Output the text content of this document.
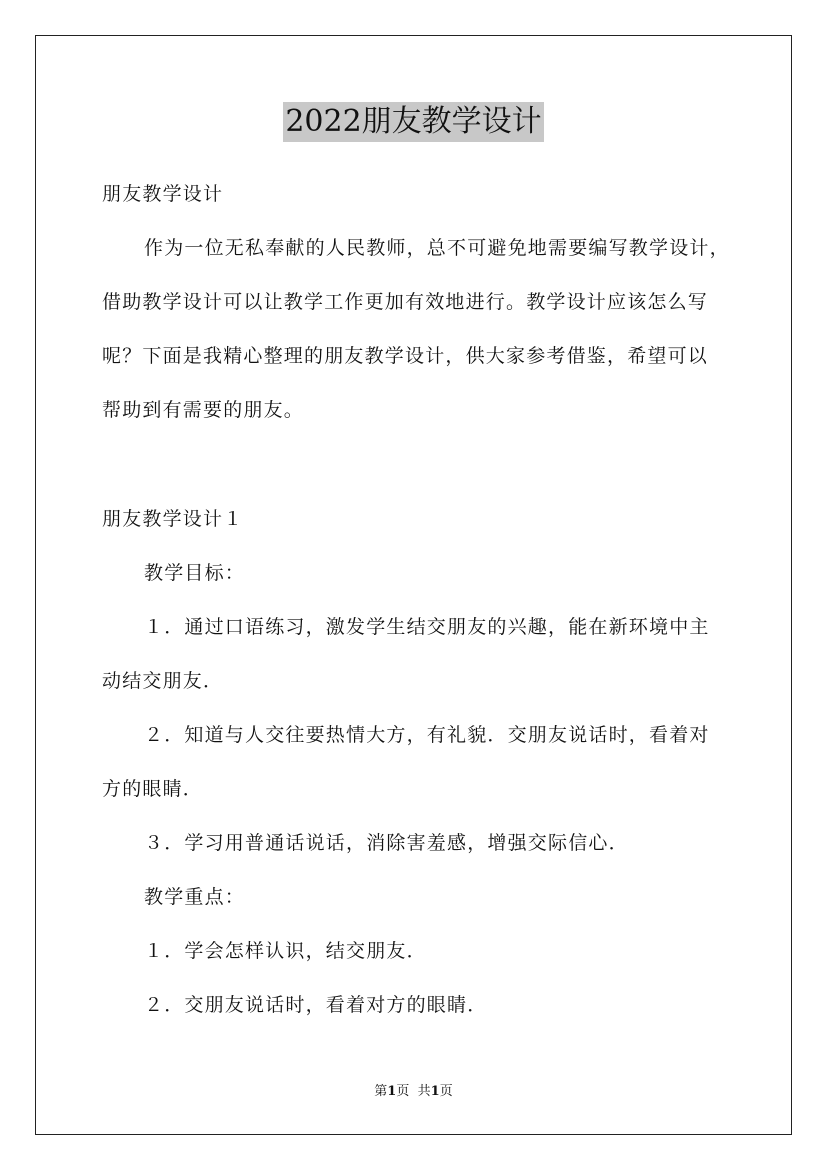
2022朋友教学设计
朋友教学设计
作为一位无私奉献的人民教师，总不可避免地需要编写教学设计，
借助教学设计可以让教学工作更加有效地进行。教学设计应该怎么写
呢？下面是我精心整理的朋友教学设计，供大家参考借鉴，希望可以
帮助到有需要的朋友。
朋友教学设计１
教学目标：
１．通过口语练习，激发学生结交朋友的兴趣，能在新环境中主
动结交朋友．
２．知道与人交往要热情大方，有礼貌．交朋友说话时，看着对
方的眼睛．
３．学习用普通话说话，消除害羞感，增强交际信心．
教学重点：
１．学会怎样认识，结交朋友．
２．交朋友说话时，看着对方的眼睛．
第1页 共1页
